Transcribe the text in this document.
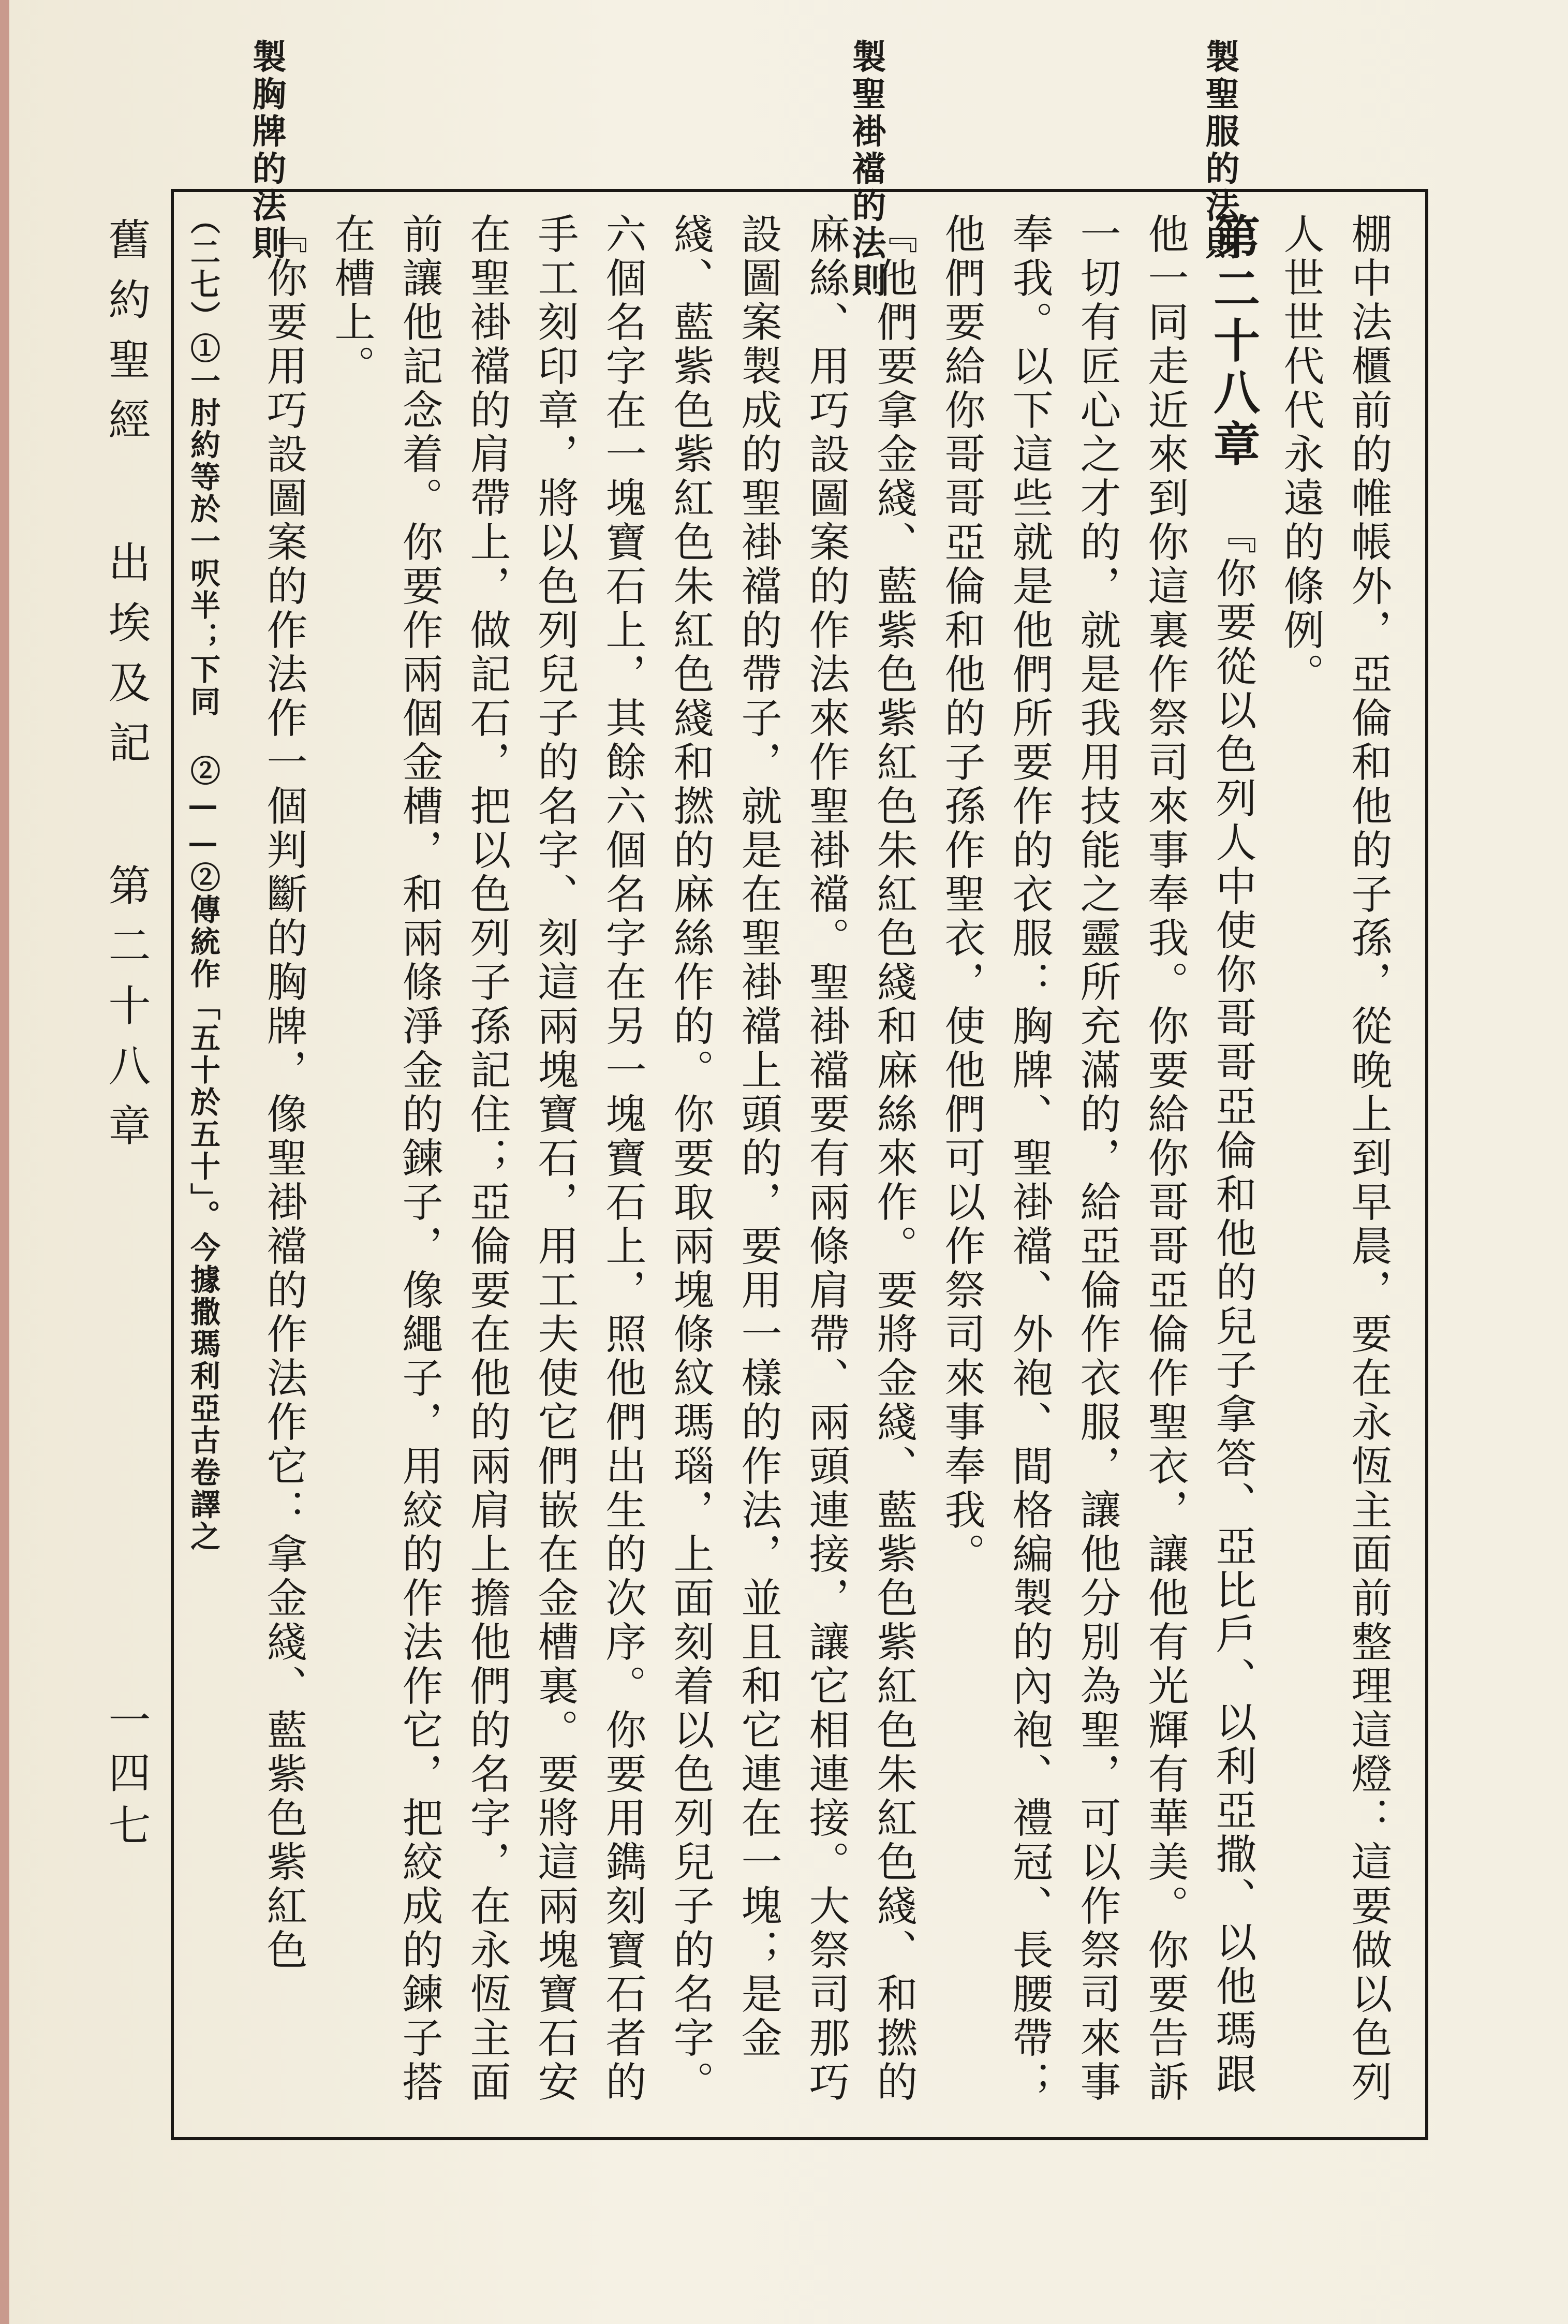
製聖服的法則
製聖褂襠的法則
製胸牌的法則
舊約聖經出埃及記第二十八章
一四七	棚中法櫃前的帷帳外，亞倫和他的子孫，從晚上到早晨，要在永恆主面前整理這燈：這要做以色列人世世代代永遠的條例。

第二十八章『你要從以色列人中使你哥哥亞倫和他的兒子拿答、亞比戶、以利亞撒、以他瑪跟他一同走近來到你這裏作祭司來事奉我。你要給你哥哥亞倫作聖衣，讓他有光輝有華美。你要告訴一切有匠心之才的，就是我用技能之靈所充滿的，給亞倫作衣服，讓他分別為聖，可以作祭司來事奉我。以下這些就是他們所要作的衣服：胸牌、聖褂襠、外袍、間格編製的內袍、禮冠、長腰帶；他們要給你哥哥亞倫和他的子孫作聖衣，使他們可以作祭司來事奉我。

『他們要拿金綫、藍紫色紫紅色朱紅色綫和麻絲來作。要將金綫、藍紫色紫紅色朱紅色綫、和撚的麻絲、用巧設圖案的作法來作聖褂襠。聖褂襠要有兩條肩帶、兩頭連接，讓它相連接。大祭司那巧設圖案製成的聖褂襠的帶子，就是在聖褂襠上頭的，要用一樣的作法，並且和它連在一塊；是金綫、藍紫色紫紅色朱紅色綫和撚的麻絲作的。你要取兩塊條紋瑪瑙，上面刻着以色列兒子的名字。六個名字在一塊寶石上，其餘六個名字在另一塊寶石上，照他們出生的次序。你要用鐫刻寶石者的手工刻印章，將以色列兒子的名字、刻這兩塊寶石，用工夫使它們嵌在金槽裏。要將這兩塊寶石安在聖褂襠的肩帶上，做記石，把以色列子孫記住；亞倫要在他的兩肩上擔他們的名字，在永恆主面前讓他記念着。你要作兩個金槽，和兩條淨金的鍊子，像繩子，用絞的作法作它，把絞成的鍊子搭在槽上。

『你要用巧設圖案的作法作一個判斷的胸牌，像聖褂襠的作法作它：拿金綫、藍紫色紫紅色

（二七）①一肘約等於一呎半；下同 ②——②傳統作「五十於五十」。今據撒瑪利亞古卷譯之
